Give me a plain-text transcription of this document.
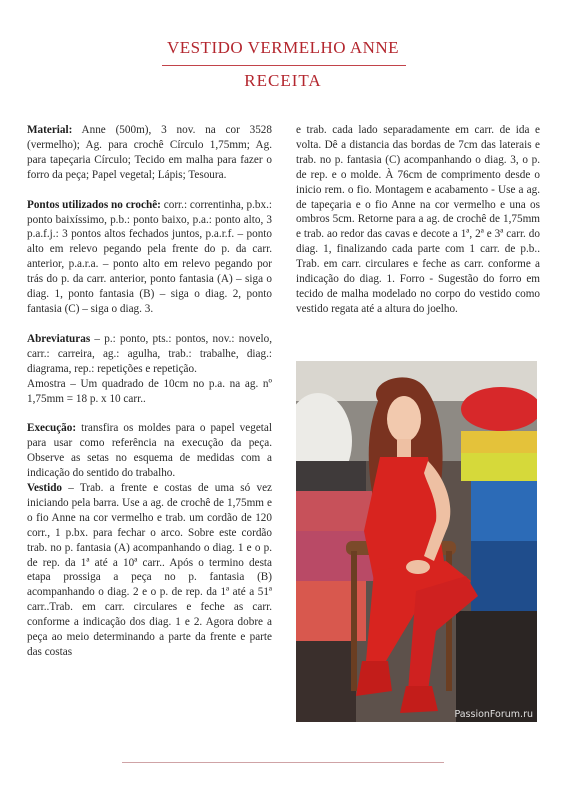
VESTIDO VERMELHO ANNE
RECEITA

Material: Anne (500m), 3 nov. na cor 3528 (vermelho); Ag. para crochê Círculo 1,75mm; Ag. para tapeçaria Círculo; Tecido em malha para fazer o forro da peça; Papel vegetal; Lápis; Tesoura.

Pontos utilizados no crochê: corr.: correntinha, p.bx.: ponto baixíssimo, p.b.: ponto baixo, p.a.: ponto alto, 3 p.a.f.j.: 3 pontos altos fechados juntos, p.a.r.f. – ponto alto em relevo pegando pela frente do p. da carr. anterior, p.a.r.a. – ponto alto em relevo pegando por trás do p. da carr. anterior, ponto fantasia (A) – siga o diag. 1, ponto fantasia (B) – siga o diag. 2, ponto fantasia (C) – siga o diag. 3.

Abreviaturas – p.: ponto, pts.: pontos, nov.: novelo, carr.: carreira, ag.: agulha, trab.: trabalhe, diag.: diagrama, rep.: repetições e repetição.

Amostra – Um quadrado de 10cm no p.a. na ag. nº 1,75mm = 18 p. x 10 carr..

Execução: transfira os moldes para o papel vegetal para usar como referência na execução da peça. Observe as setas no esquema de medidas com a indicação do sentido do trabalho.

Vestido – Trab. a frente e costas de uma só vez iniciando pela barra. Use a ag. de crochê de 1,75mm e o fio Anne na cor vermelho e trab. um cordão de 120 corr., 1 p.bx. para fechar o arco. Sobre este cordão trab. no p. fantasia (A) acompanhando o diag. 1 e o p. de rep. da 1ª até a 10ª carr.. Após o termino desta etapa prossiga a peça no p. fantasia (B) acompanhando o diag. 2 e o p. de rep. da 1ª até a 51ª carr..Trab. em carr. circulares e feche as carr. conforme a indicação dos diag. 1 e 2. Agora dobre a peça ao meio determinando a parte da frente e parte das costas

e trab. cada lado separadamente em carr. de ida e volta. Dê a distancia das bordas de 7cm das laterais e trab. no p. fantasia (C) acompanhando o diag. 3, o p. de rep. e o molde. À 76cm de comprimento desde o inicio rem. o fio. Montagem e acabamento - Use a ag. de tapeçaria e o fio Anne na cor vermelho e una os ombros 5cm. Retorne para a ag. de crochê de 1,75mm e trab. ao redor das cavas e decote a 1ª, 2ª e 3ª carr. do diag. 1, finalizando cada parte com 1 carr. de p.b.. Trab. em carr. circulares e feche as carr. conforme a indicação do diag. 1. Forro - Sugestão do forro em tecido de malha modelado no corpo do vestido como vestido regata até a altura do joelho.

PassionForum.ru
